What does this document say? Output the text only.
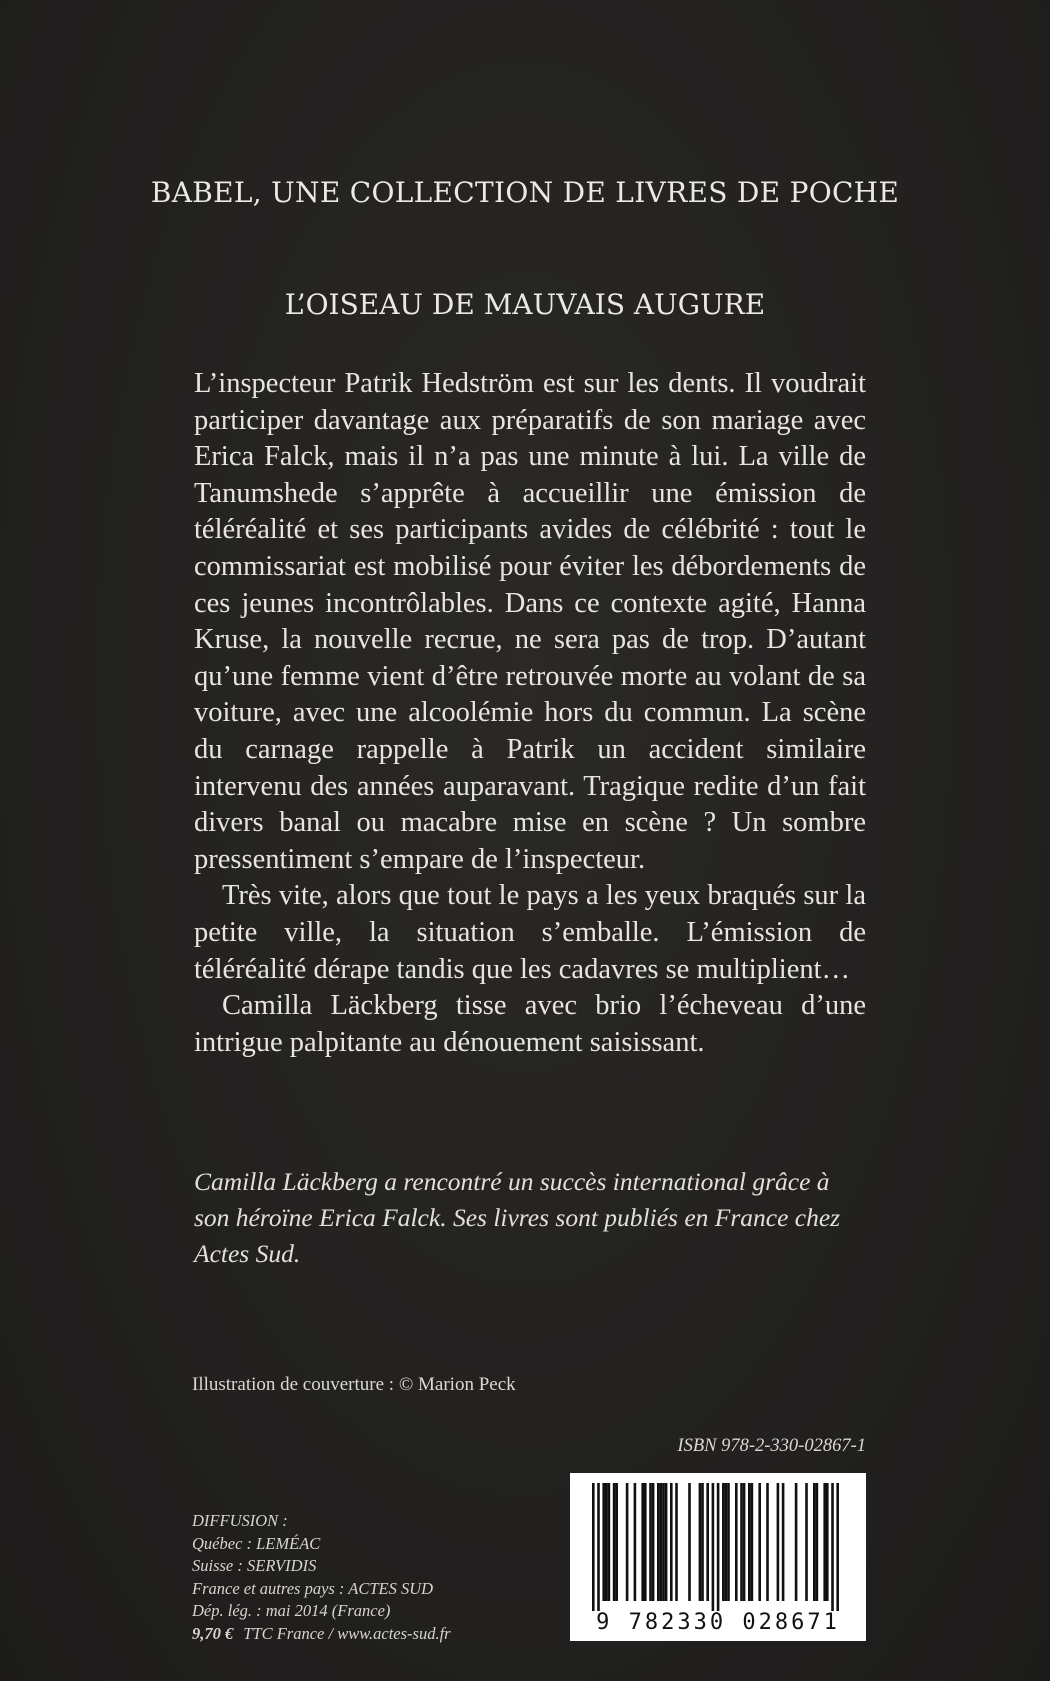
BABEL, UNE COLLECTION DE LIVRES DE POCHE
L’OISEAU DE MAUVAIS AUGURE

L’inspecteur Patrik Hedström est sur les dents. Il voudrait participer davantage aux préparatifs de son mariage avec Erica Falck, mais il n’a pas une minute à lui. La ville de Tanumshede s’apprête à accueillir une émission de téléréalité et ses participants avides de célébrité : tout le commissariat est mobilisé pour éviter les débordements de ces jeunes incontrôlables. Dans ce contexte agité, Hanna Kruse, la nouvelle recrue, ne sera pas de trop. D’autant qu’une femme vient d’être retrouvée morte au volant de sa voiture, avec une alcoolémie hors du commun. La scène du carnage rappelle à Patrik un accident similaire intervenu des années auparavant. Tragique redite d’un fait divers banal ou macabre mise en scène ? Un sombre pressentiment s’empare de l’inspecteur.

Très vite, alors que tout le pays a les yeux braqués sur la petite ville, la situation s’emballe. L’émission de téléréalité dérape tandis que les cadavres se multiplient…

Camilla Läckberg tisse avec brio l’écheveau d’une intrigue palpitante au dénouement saisissant.

Camilla Läckberg a rencontré un succès international grâce à son héroïne Erica Falck. Ses livres sont publiés en France chez Actes Sud.
Illustration de couverture : © Marion Peck
ISBN 978-2-330-02867-1
DIFFUSION :
Québec : LEMÉAC
Suisse : SERVIDIS
France et autres pays : ACTES SUD
Dép. lég. : mai 2014 (France)
9,70 € TTC France / www.actes-sud.fr	9 782330 028671
